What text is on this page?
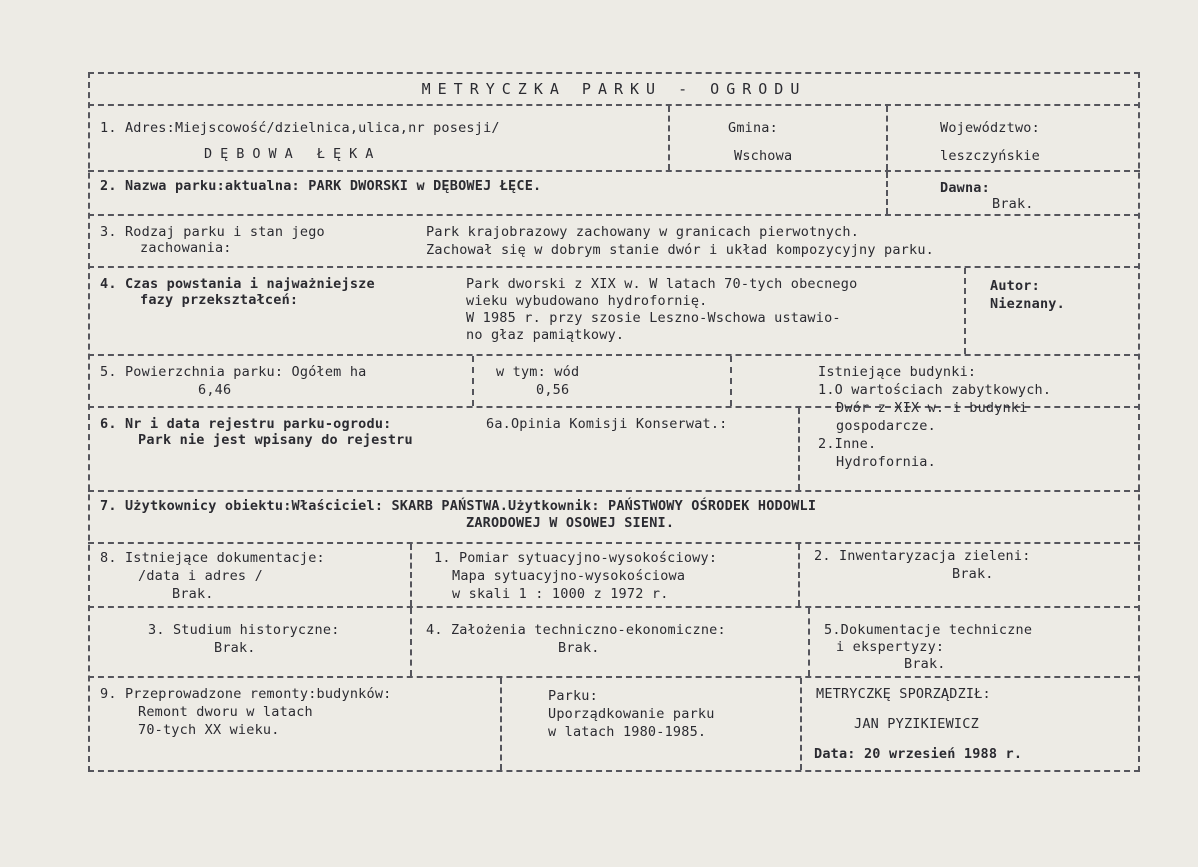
METRYCZKA PARKU - OGRODU
1. Adres:Miejscowość/dzielnica,ulica,nr posesji/
DĘBOWA ŁĘKA
Gmina:
Wschowa
Województwo:
leszczyńskie
2. Nazwa parku:aktualna: PARK DWORSKI w DĘBOWEJ ŁĘCE.	Dawna:
Brak.
3. Rodzaj parku i stan jego
zachowania:
Park krajobrazowy zachowany w granicach pierwotnych.
Zachował się w dobrym stanie dwór i układ kompozycyjny parku.
4. Czas powstania i najważniejsze
fazy przekształceń:
Park dworski z XIX w. W latach 70-tych obecnego
wieku wybudowano hydrofornię.
W 1985 r. przy szosie Leszno-Wschowa ustawio-
no głaz pamiątkowy.
Autor:
Nieznany.
5. Powierzchnia parku: Ogółem ha
6,46
w tym: wód
0,56
Istniejące budynki:
1.O wartościach zabytkowych.
Dwór z XIX w. i budynki
gospodarcze.
2.Inne.
Hydrofornia.
6. Nr i data rejestru parku-ogrodu:
Park nie jest wpisany do rejestru
6a.Opinia Komisji Konserwat.:
7. Użytkownicy obiektu:Właściciel: SKARB PAŃSTWA.Użytkownik: PAŃSTWOWY OŚRODEK HODOWLI
ZARODOWEJ W OSOWEJ SIENI.
8. Istniejące dokumentacje:
/data i adres /
Brak.
1. Pomiar sytuacyjno-wysokościowy:
Mapa sytuacyjno-wysokościowa
w skali 1 : 1000 z 1972 r.
2. Inwentaryzacja zieleni:
Brak.
3. Studium historyczne:
Brak.
4. Założenia techniczno-ekonomiczne:
Brak.
5.Dokumentacje techniczne
i ekspertyzy:
Brak.
9. Przeprowadzone remonty:budynków:
Remont dworu w latach
70-tych XX wieku.
Parku:
Uporządkowanie parku
w latach 1980-1985.
METRYCZKĘ SPORZĄDZIŁ:
JAN PYZIKIEWICZ
Data: 20 wrzesień 1988 r.
